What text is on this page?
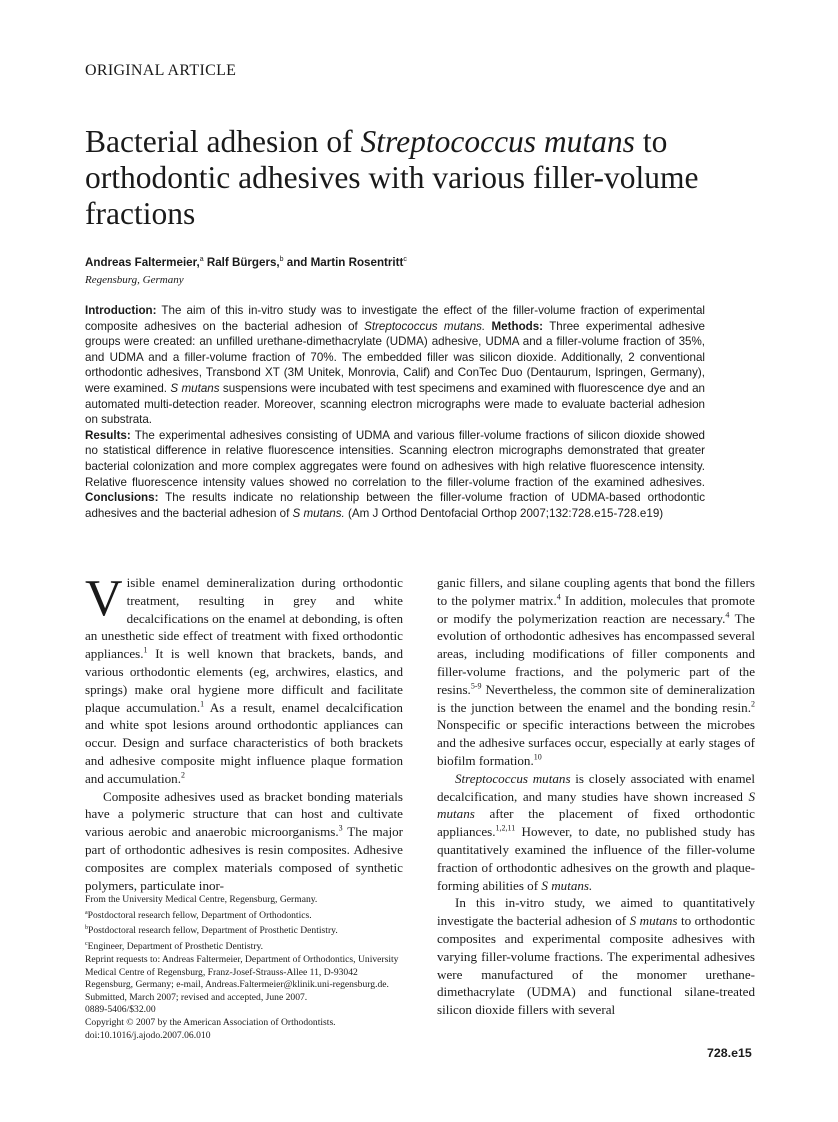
ORIGINAL ARTICLE
Bacterial adhesion of Streptococcus mutans to orthodontic adhesives with various filler-volume fractions
Andreas Faltermeier,$^a$ Ralf Bürgers,$^b$ and Martin Rosentritt$^c$
Regensburg, Germany
Introduction: The aim of this in-vitro study was to investigate the effect of the filler-volume fraction of experimental composite adhesives on the bacterial adhesion of Streptococcus mutans. Methods: Three experimental adhesive groups were created: an unfilled urethane-dimethacrylate (UDMA) adhesive, UDMA and a filler-volume fraction of 35%, and UDMA and a filler-volume fraction of 70%. The embedded filler was silicon dioxide. Additionally, 2 conventional orthodontic adhesives, Transbond XT (3M Unitek, Monrovia, Calif) and ConTec Duo (Dentaurum, Ispringen, Germany), were examined. S mutans suspensions were incubated with test specimens and examined with fluorescence dye and an automated multi-detection reader. Moreover, scanning electron micrographs were made to evaluate bacterial adhesion on substrata.
Results: The experimental adhesives consisting of UDMA and various filler-volume fractions of silicon dioxide showed no statistical difference in relative fluorescence intensities. Scanning electron micrographs demonstrated that greater bacterial colonization and more complex aggregates were found on adhesives with high relative fluorescence intensity. Relative fluorescence intensity values showed no correlation to the filler-volume fraction of the examined adhesives. Conclusions: The results indicate no relationship between the filler-volume fraction of UDMA-based orthodontic adhesives and the bacterial adhesion of S mutans. (Am J Orthod Dentofacial Orthop 2007;132:728.e15-728.e19)

Visible enamel demineralization during orthodontic treatment, resulting in grey and white decalcifications on the enamel at debonding, is often an unesthetic side effect of treatment with fixed orthodontic appliances.$^1$ It is well known that brackets, bands, and various orthodontic elements (eg, archwires, elastics, and springs) make oral hygiene more difficult and facilitate plaque accumulation.$^1$ As a result, enamel decalcification and white spot lesions around orthodontic appliances can occur. Design and surface characteristics of both brackets and adhesive composite might influence plaque formation and accumulation.$^2$

Composite adhesives used as bracket bonding materials have a polymeric structure that can host and cultivate various aerobic and anaerobic microorganisms.$^3$ The major part of orthodontic adhesives is resin composites. Adhesive composites are complex materials composed of synthetic polymers, particulate inor-

From the University Medical Centre, Regensburg, Germany.
$^a$Postdoctoral research fellow, Department of Orthodontics.
$^b$Postdoctoral research fellow, Department of Prosthetic Dentistry.
$^c$Engineer, Department of Prosthetic Dentistry.
Reprint requests to: Andreas Faltermeier, Department of Orthodontics, University Medical Centre of Regensburg, Franz-Josef-Strauss-Allee 11, D-93042 Regensburg, Germany; e-mail, Andreas.Faltermeier@klinik.uni-regensburg.de.
Submitted, March 2007; revised and accepted, June 2007.
0889-5406/$32.00
Copyright © 2007 by the American Association of Orthodontists.
doi:10.1016/j.ajodo.2007.06.010

ganic fillers, and silane coupling agents that bond the fillers to the polymer matrix.$^4$ In addition, molecules that promote or modify the polymerization reaction are necessary.$^4$ The evolution of orthodontic adhesives has encompassed several areas, including modifications of filler components and filler-volume fractions, and the polymeric part of the resins.$^{5-9}$ Nevertheless, the common site of demineralization is the junction between the enamel and the bonding resin.$^2$ Nonspecific or specific interactions between the microbes and the adhesive surfaces occur, especially at early stages of biofilm formation.$^{10}$

Streptococcus mutans is closely associated with enamel decalcification, and many studies have shown increased S mutans after the placement of fixed orthodontic appliances.$^{1,2,11}$ However, to date, no published study has quantitatively examined the influence of the filler-volume fraction of orthodontic adhesives on the growth and plaque-forming abilities of S mutans.

In this in-vitro study, we aimed to quantitatively investigate the bacterial adhesion of S mutans to orthodontic composites and experimental composite adhesives with varying filler-volume fractions. The experimental adhesives were manufactured of the monomer urethane-dimethacrylate (UDMA) and functional silane-treated silicon dioxide fillers with several

728.e15
